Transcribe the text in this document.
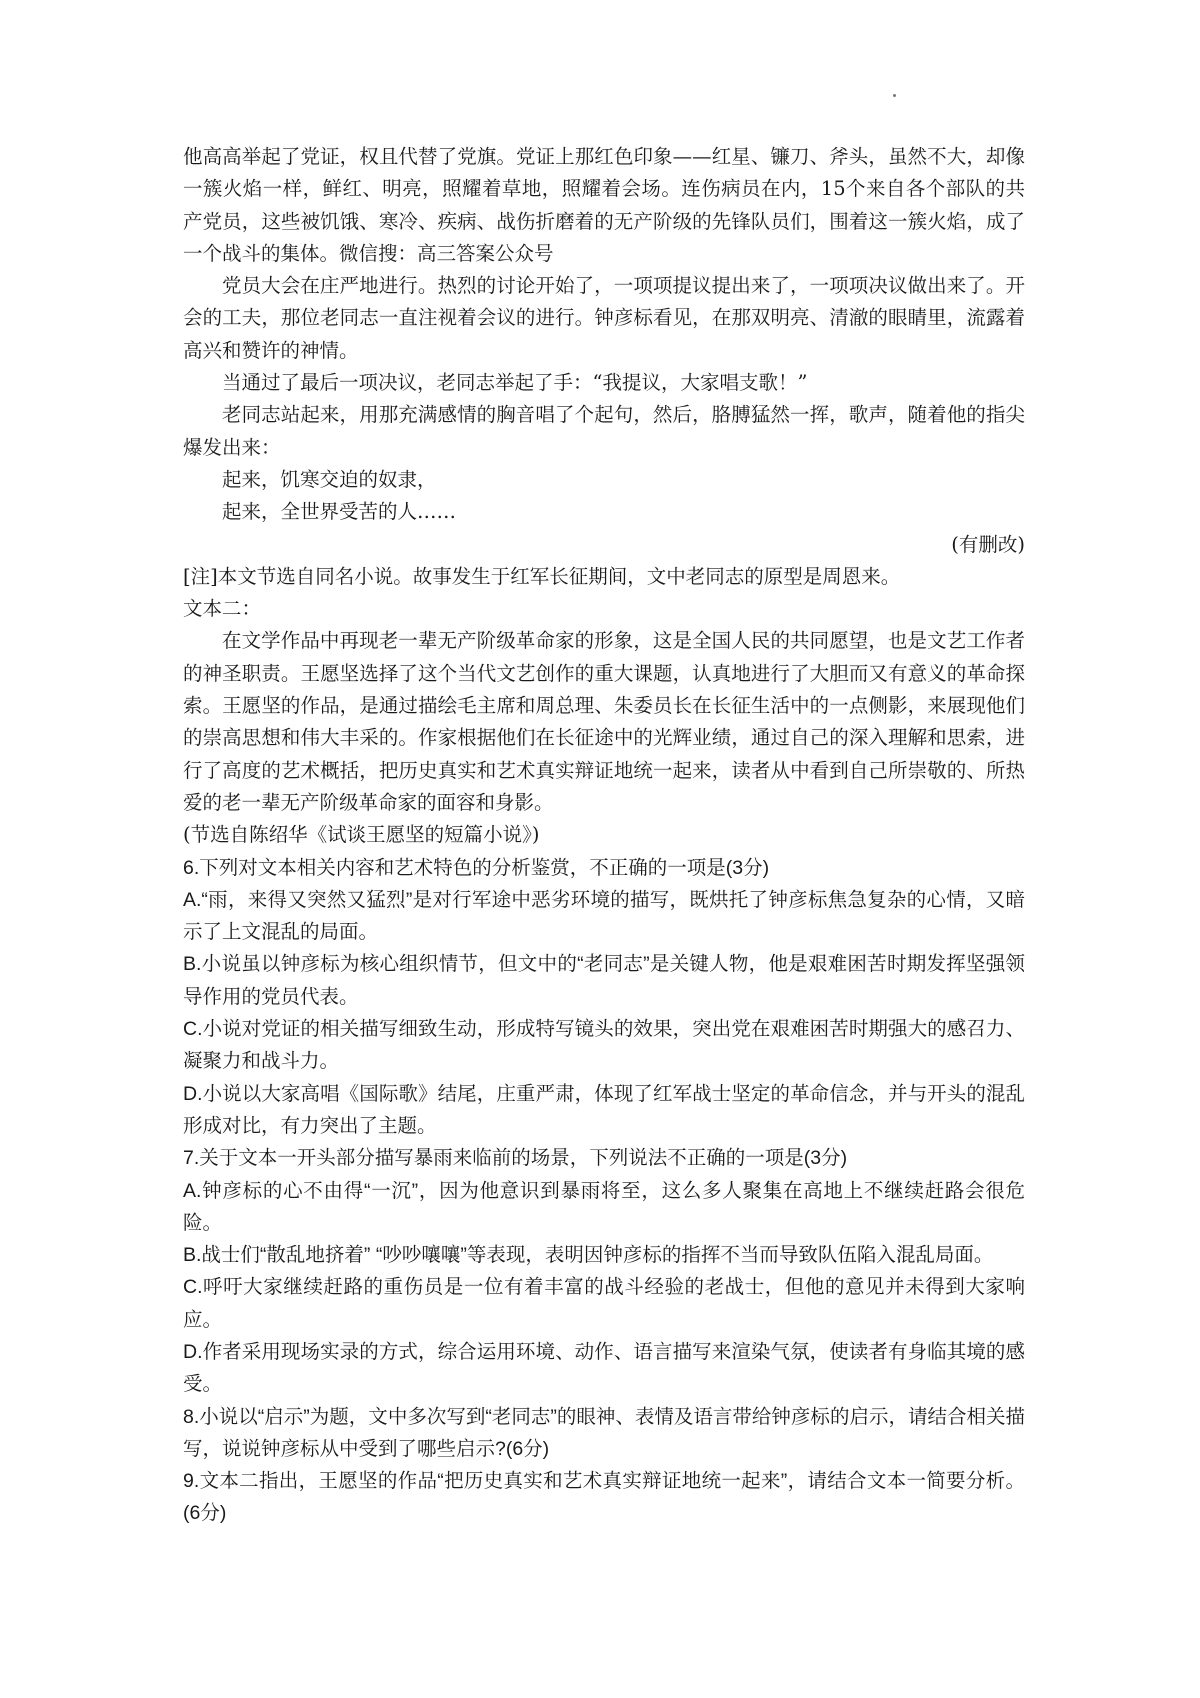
他高高举起了党证，权且代替了党旗。党证上那红色印象——红星、镰刀、斧头，虽然不大，却像一簇火焰一样，鲜红、明亮，照耀着草地，照耀着会场。连伤病员在内，15个来自各个部队的共产党员，这些被饥饿、寒冷、疾病、战伤折磨着的无产阶级的先锋队员们，围着这一簇火焰，成了一个战斗的集体。微信搜：高三答案公众号

党员大会在庄严地进行。热烈的讨论开始了，一项项提议提出来了，一项项决议做出来了。开会的工夫，那位老同志一直注视着会议的进行。钟彦标看见，在那双明亮、清澈的眼睛里，流露着高兴和赞许的神情。

当通过了最后一项决议，老同志举起了手：“我提议，大家唱支歌！”

老同志站起来，用那充满感情的胸音唱了个起句，然后，胳膊猛然一挥，歌声，随着他的指尖爆发出来：

起来，饥寒交迫的奴隶，

起来，全世界受苦的人……

(有删改)

[注]本文节选自同名小说。故事发生于红军长征期间，文中老同志的原型是周恩来。

文本二：

在文学作品中再现老一辈无产阶级革命家的形象，这是全国人民的共同愿望，也是文艺工作者的神圣职责。王愿坚选择了这个当代文艺创作的重大课题，认真地进行了大胆而又有意义的革命探索。王愿坚的作品，是通过描绘毛主席和周总理、朱委员长在长征生活中的一点侧影，来展现他们的崇高思想和伟大丰采的。作家根据他们在长征途中的光辉业绩，通过自己的深入理解和思索，进行了高度的艺术概括，把历史真实和艺术真实辩证地统一起来，读者从中看到自己所崇敬的、所热爱的老一辈无产阶级革命家的面容和身影。

(节选自陈绍华《试谈王愿坚的短篇小说》)

6.下列对文本相关内容和艺术特色的分析鉴赏，不正确的一项是(3分)

A.“雨，来得又突然又猛烈”是对行军途中恶劣环境的描写，既烘托了钟彦标焦急复杂的心情，又暗示了上文混乱的局面。

B.小说虽以钟彦标为核心组织情节，但文中的“老同志”是关键人物，他是艰难困苦时期发挥坚强领导作用的党员代表。

C.小说对党证的相关描写细致生动，形成特写镜头的效果，突出党在艰难困苦时期强大的感召力、凝聚力和战斗力。

D.小说以大家高唱《国际歌》结尾，庄重严肃，体现了红军战士坚定的革命信念，并与开头的混乱形成对比，有力突出了主题。

7.关于文本一开头部分描写暴雨来临前的场景，下列说法不正确的一项是(3分)

A.钟彦标的心不由得“一沉”，因为他意识到暴雨将至，这么多人聚集在高地上不继续赶路会很危险。

B.战士们“散乱地挤着” “吵吵嚷嚷”等表现，表明因钟彦标的指挥不当而导致队伍陷入混乱局面。

C.呼吁大家继续赶路的重伤员是一位有着丰富的战斗经验的老战士，但他的意见并未得到大家响应。

D.作者采用现场实录的方式，综合运用环境、动作、语言描写来渲染气氛，使读者有身临其境的感受。

8.小说以“启示”为题，文中多次写到“老同志”的眼神、表情及语言带给钟彦标的启示，请结合相关描写，说说钟彦标从中受到了哪些启示?(6分)

9.文本二指出，王愿坚的作品“把历史真实和艺术真实辩证地统一起来”，请结合文本一简要分析。(6分)
